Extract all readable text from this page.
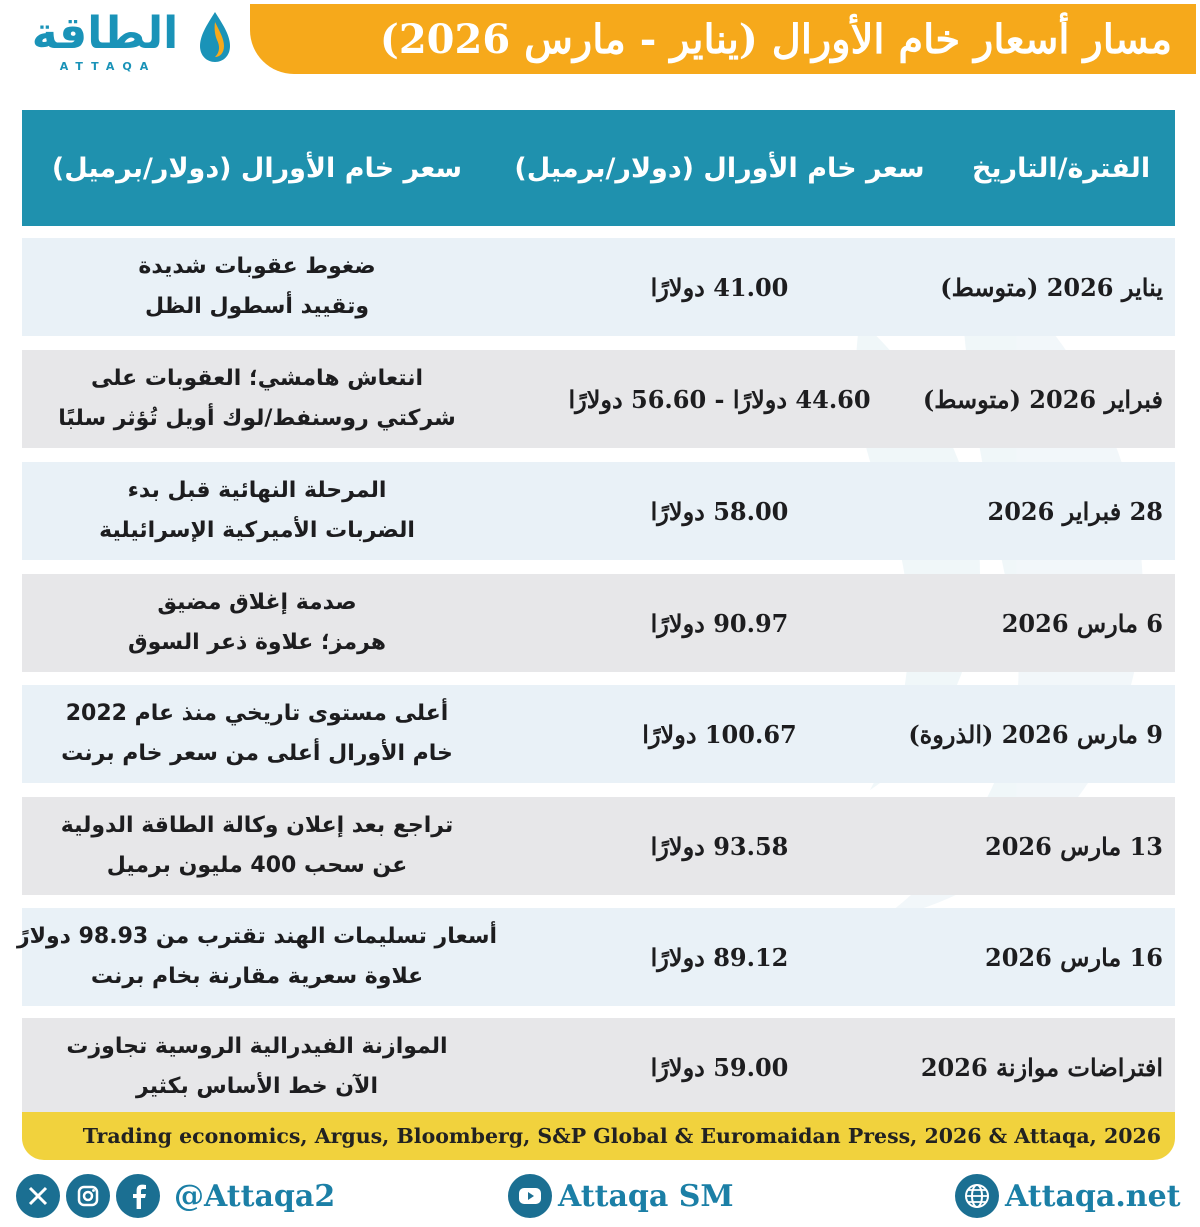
مسار أسعار خام الأورال (يناير - مارس 2026)
الطاقة
ATTAQA
الفترة/التاريخ
سعر خام الأورال (دولار/برميل)
سعر خام الأورال (دولار/برميل)
يناير 2026 (متوسط)
41.00 دولارًا
ضغوط عقوبات شديدة
وتقييد أسطول الظل
فبراير 2026 (متوسط)
44.60 دولارًا - 56.60 دولارًا
انتعاش هامشي؛ العقوبات على
شركتي روسنفط/لوك أويل تُؤثر سلبًا
28 فبراير 2026
58.00 دولارًا
المرحلة النهائية قبل بدء
الضربات الأميركية الإسرائيلية
6 مارس 2026
90.97 دولارًا
صدمة إغلاق مضيق
هرمز؛ علاوة ذعر السوق
9 مارس 2026 (الذروة)
100.67 دولارًا
أعلى مستوى تاريخي منذ عام 2022
خام الأورال أعلى من سعر خام برنت
13 مارس 2026
93.58 دولارًا
تراجع بعد إعلان وكالة الطاقة الدولية
عن سحب 400 مليون برميل
16 مارس 2026
89.12 دولارًا
أسعار تسليمات الهند تقترب من 98.93 دولارً
علاوة سعرية مقارنة بخام برنت
افتراضات موازنة 2026
59.00 دولارًا
الموازنة الفيدرالية الروسية تجاوزت
الآن خط الأساس بكثير
Trading economics, Argus, Bloomberg, S&P Global & Euromaidan Press, 2026 & Attaqa, 2026
@Attaqa2	Attaqa SM	Attaqa.net
